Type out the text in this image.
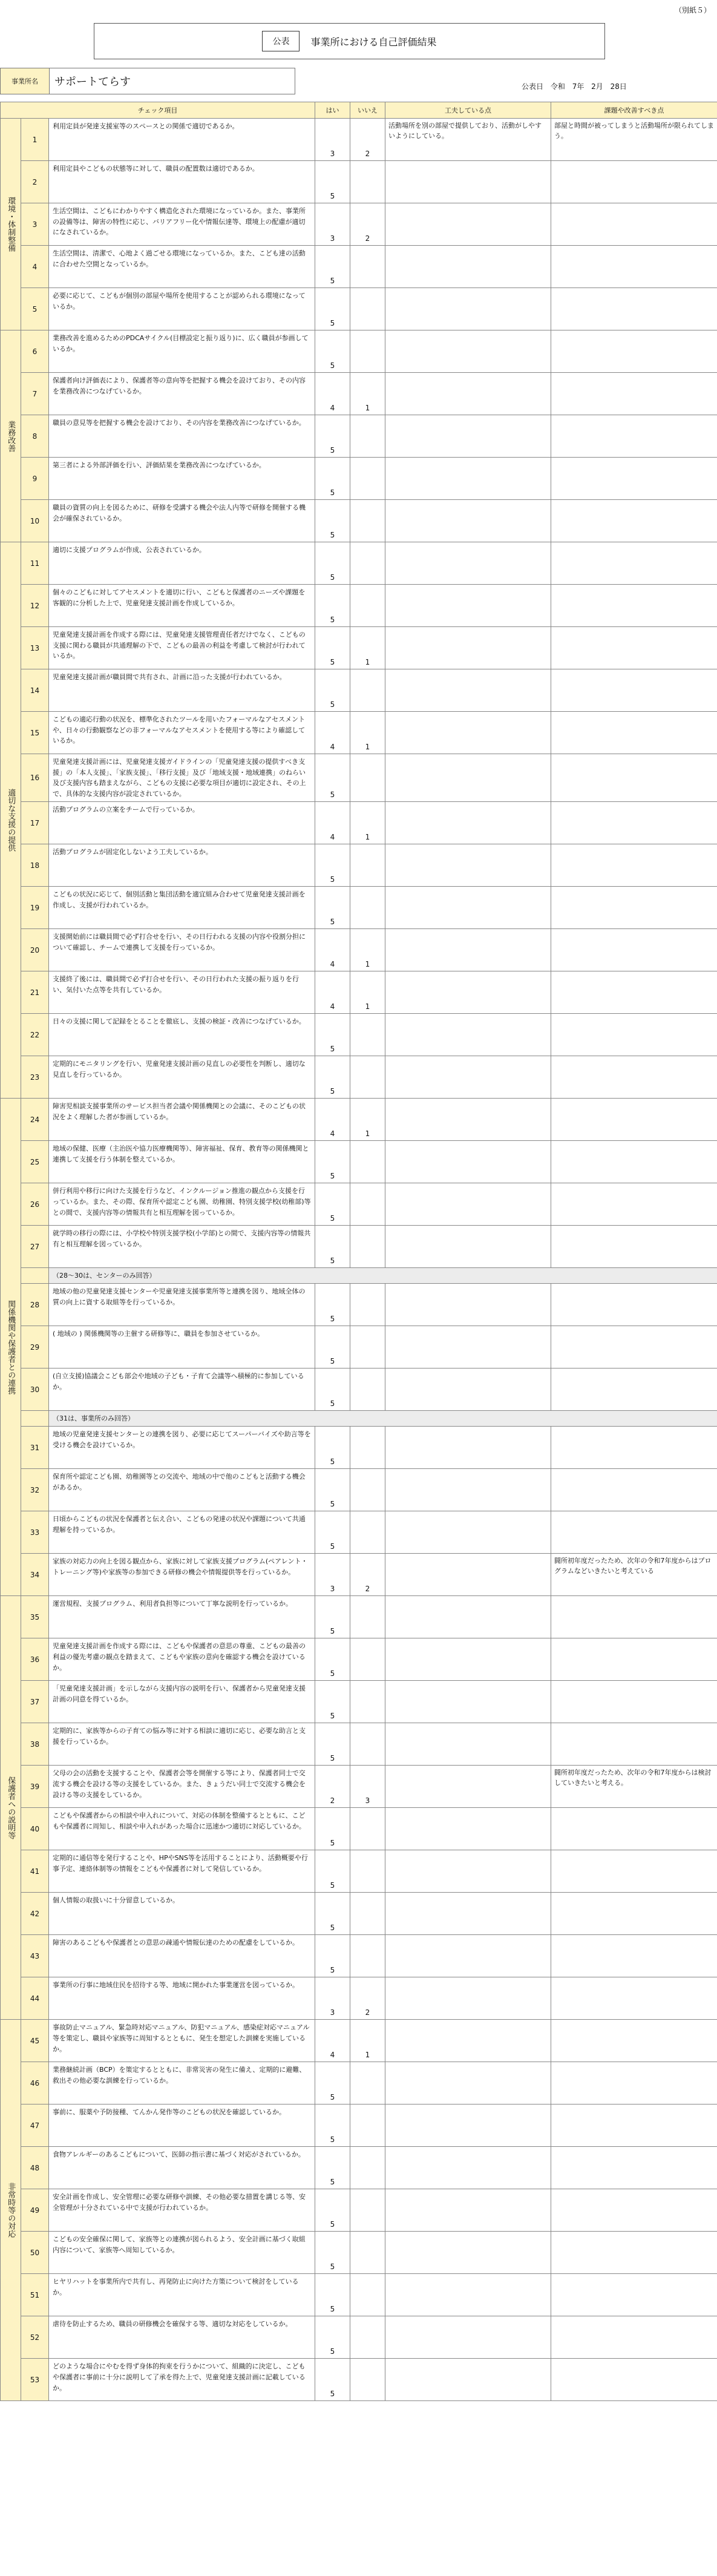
（別紙５）
公表	事業所における自己評価結果
事業所名	サポートてらす	公表日 令和 7年 2月 28日
チェック項目			はい	いいえ	工夫している点	課題や改善すべき点
環境・体制整備	1	利用定員が発達支援室等のスペースとの関係で適切であるか。	3	2	活動場所を別の部屋で提供しており、活動がしやすいようにしている。	部屋と時間が被ってしまうと活動場所が限られてしまう。
	2	利用定員やこどもの状態等に対して、職員の配置数は適切であるか。	5			
	3	生活空間は、こどもにわかりやすく構造化された環境になっているか。また、事業所の設備等は、障害の特性に応じ、バリアフリー化や情報伝達等、環境上の配慮が適切になされているか。	3	2		
	4	生活空間は、清潔で、心地よく過ごせる環境になっているか。また、こども達の活動に合わせた空間となっているか。	5			
	5	必要に応じて、こどもが個別の部屋や場所を使用することが認められる環境になっているか。	5			
業務改善	6	業務改善を進めるためのPDCAサイクル(目標設定と振り返り)に、広く職員が参画しているか。	5			
	7	保護者向け評価表により、保護者等の意向等を把握する機会を設けており、その内容を業務改善につなげているか。	4	1		
	8	職員の意見等を把握する機会を設けており、その内容を業務改善につなげているか。	5			
	9	第三者による外部評価を行い、評価結果を業務改善につなげているか。	5			
	10	職員の資質の向上を図るために、研修を受講する機会や法人内等で研修を開催する機会が確保されているか。	5			
適切な支援の提供	11	適切に支援プログラムが作成、公表されているか。	5			
	12	個々のこどもに対してアセスメントを適切に行い、こどもと保護者のニーズや課題を客観的に分析した上で、児童発達支援計画を作成しているか。	5			
	13	児童発達支援計画を作成する際には、児童発達支援管理責任者だけでなく、こどもの支援に関わる職員が共通理解の下で、こどもの最善の利益を考慮して検討が行われているか。	5	1		
	14	児童発達支援計画が職員間で共有され、計画に沿った支援が行われているか。	5			
	15	こどもの適応行動の状況を、標準化されたツールを用いたフォーマルなアセスメントや、日々の行動観察などの非フォーマルなアセスメントを使用する等により確認しているか。	4	1		
	16	児童発達支援計画には、児童発達支援ガイドラインの「児童発達支援の提供すべき支援」の「本人支援」、「家族支援」、「移行支援」及び「地域支援・地域連携」のねらい及び支援内容も踏まえながら、こどもの支援に必要な項目が適切に設定され、その上で、具体的な支援内容が設定されているか。	5			
	17	活動プログラムの立案をチームで行っているか。	4	1		
	18	活動プログラムが固定化しないよう工夫しているか。	5			
	19	こどもの状況に応じて、個別活動と集団活動を適宜組み合わせて児童発達支援計画を作成し、支援が行われているか。	5			
	20	支援開始前には職員間で必ず打合せを行い、その日行われる支援の内容や役割分担について確認し、チームで連携して支援を行っているか。	4	1		
	21	支援終了後には、職員間で必ず打合せを行い、その日行われた支援の振り返りを行い、気付いた点等を共有しているか。	4	1		
	22	日々の支援に関して記録をとることを徹底し、支援の検証・改善につなげているか。	5			
	23	定期的にモニタリングを行い、児童発達支援計画の見直しの必要性を判断し、適切な見直しを行っているか。	5			
関係機関や保護者との連携	24	障害児相談支援事業所のサービス担当者会議や関係機関との会議に、そのこどもの状況をよく理解した者が参画しているか。	4	1		
	25	地域の保健、医療（主治医や協力医療機関等）、障害福祉、保育、教育等の関係機関と連携して支援を行う体制を整えているか。	5			
	26	併行利用や移行に向けた支援を行うなど、インクルージョン推進の観点から支援を行っているか。また、その際、保育所や認定こども園、幼稚園、特別支援学校(幼稚部)等との間で、支援内容等の情報共有と相互理解を図っているか。	5			
	27	就学時の移行の際には、小学校や特別支援学校(小学部)との間で、支援内容等の情報共有と相互理解を図っているか。	5			
		（28～30は、センターのみ回答）				
	28	地域の他の児童発達支援センターや児童発達支援事業所等と連携を図り、地域全体の質の向上に資する取組等を行っているか。	5			
	29	( 地域の ) 関係機関等の主催する研修等に、職員を参加させているか。	5			
	30	(自立支援)協議会こども部会や地域の子ども・子育て会議等へ積極的に参加しているか。	5			
		（31は、事業所のみ回答）				
	31	地域の児童発達支援センターとの連携を図り、必要に応じてスーパーバイズや助言等を受ける機会を設けているか。	5			
	32	保育所や認定こども園、幼稚園等との交流や、地域の中で他のこどもと活動する機会があるか。	5			
	33	日頃からこどもの状況を保護者と伝え合い、こどもの発達の状況や課題について共通理解を持っているか。	5			
	34	家族の対応力の向上を図る観点から、家族に対して家族支援プログラム(ペアレント・トレーニング等)や家族等の参加できる研修の機会や情報提供等を行っているか。	3	2		闘所初年度だったため、次年の令和7年度からはプログラムなどいきたいと考えている
保護者への説明等	35	運営規程、支援プログラム、利用者負担等について丁寧な説明を行っているか。	5			
	36	児童発達支援計画を作成する際には、こどもや保護者の意思の尊重、こどもの最善の利益の優先考慮の観点を踏まえて、こどもや家族の意向を確認する機会を設けているか。	5			
	37	「児童発達支援計画」を示しながら支援内容の説明を行い、保護者から児童発達支援計画の同意を得ているか。	5			
	38	定期的に、家族等からの子育ての悩み等に対する相談に適切に応じ、必要な助言と支援を行っているか。	5			
	39	父母の会の活動を支援することや、保護者会等を開催する等により、保護者同士で交流する機会を設ける等の支援をしているか。また、きょうだい同士で交流する機会を設ける等の支援をしているか。	2	3		闘所初年度だったため、次年の令和7年度からは検討していきたいと考える。
	40	こどもや保護者からの相談や申入れについて、対応の体制を整備するとともに、こどもや保護者に周知し、相談や申入れがあった場合に迅速かつ適切に対応しているか。	5			
	41	定期的に通信等を発行することや、HPやSNS等を活用することにより、活動概要や行事予定、連絡体制等の情報をこどもや保護者に対して発信しているか。	5			
	42	個人情報の取扱いに十分留意しているか。	5			
	43	障害のあるこどもや保護者との意思の疎通や情報伝達のための配慮をしているか。	5			
	44	事業所の行事に地域住民を招待する等、地域に開かれた事業運営を図っているか。	3	2		
非常時等の対応	45	事故防止マニュアル、緊急時対応マニュアル、防犯マニュアル、感染症対応マニュアル等を策定し、職員や家族等に周知するとともに、発生を想定した訓練を実施しているか。	4	1		
	46	業務継続計画（BCP）を策定するとともに、非常災害の発生に備え、定期的に避難、救出その他必要な訓練を行っているか。	5			
	47	事前に、服薬や予防接種、てんかん発作等のこどもの状況を確認しているか。	5			
	48	食物アレルギーのあるこどもについて、医師の指示書に基づく対応がされているか。	5			
	49	安全計画を作成し、安全管理に必要な研修や訓練、その他必要な措置を講じる等、安全管理が十分されている中で支援が行われているか。	5			
	50	こどもの安全確保に関して、家族等との連携が図られるよう、安全計画に基づく取組内容について、家族等へ周知しているか。	5			
	51	ヒヤリハットを事業所内で共有し、再発防止に向けた方策について検討をしているか。	5			
	52	虐待を防止するため、職員の研修機会を確保する等、適切な対応をしているか。	5			
	53	どのような場合にやむを得ず身体的拘束を行うかについて、組織的に決定し、こどもや保護者に事前に十分に説明して了承を得た上で、児童発達支援計画に記載しているか。	5			
